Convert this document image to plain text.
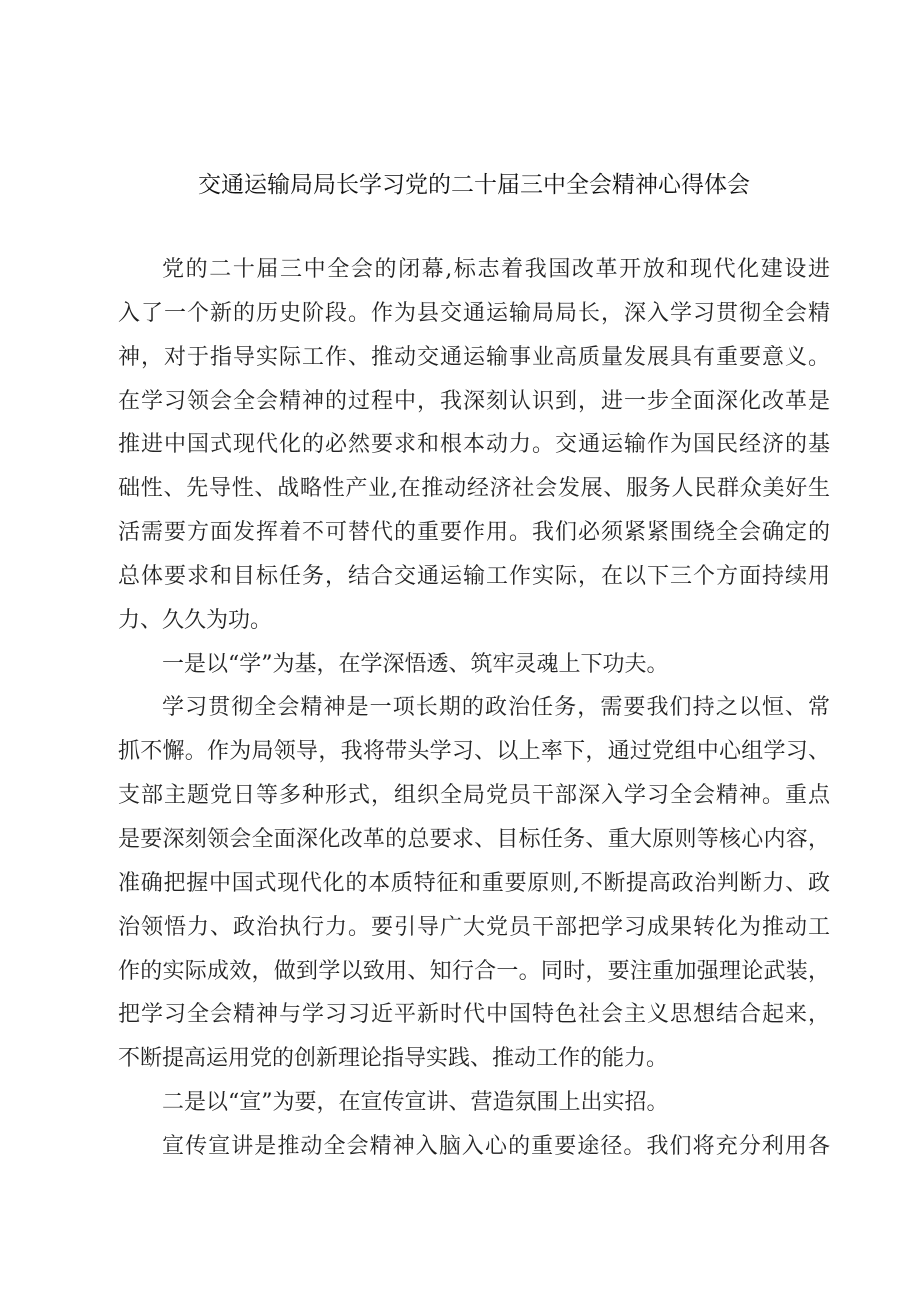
交通运输局局长学习党的二十届三中全会精神心得体会
党的二十届三中全会的闭幕,标志着我国改革开放和现代化建设进
入了一个新的历史阶段。作为县交通运输局局长，深入学习贯彻全会精
神，对于指导实际工作、推动交通运输事业高质量发展具有重要意义。
在学习领会全会精神的过程中，我深刻认识到，进一步全面深化改革是
推进中国式现代化的必然要求和根本动力。交通运输作为国民经济的基
础性、先导性、战略性产业,在推动经济社会发展、服务人民群众美好生
活需要方面发挥着不可替代的重要作用。我们必须紧紧围绕全会确定的
总体要求和目标任务，结合交通运输工作实际，在以下三个方面持续用
力、久久为功。
一是以“学”为基，在学深悟透、筑牢灵魂上下功夫。
学习贯彻全会精神是一项长期的政治任务，需要我们持之以恒、常
抓不懈。作为局领导，我将带头学习、以上率下，通过党组中心组学习、
支部主题党日等多种形式，组织全局党员干部深入学习全会精神。重点
是要深刻领会全面深化改革的总要求、目标任务、重大原则等核心内容，
准确把握中国式现代化的本质特征和重要原则,不断提高政治判断力、政
治领悟力、政治执行力。要引导广大党员干部把学习成果转化为推动工
作的实际成效，做到学以致用、知行合一。同时，要注重加强理论武装，
把学习全会精神与学习习近平新时代中国特色社会主义思想结合起来，
不断提高运用党的创新理论指导实践、推动工作的能力。
二是以“宣”为要，在宣传宣讲、营造氛围上出实招。
宣传宣讲是推动全会精神入脑入心的重要途径。我们将充分利用各
